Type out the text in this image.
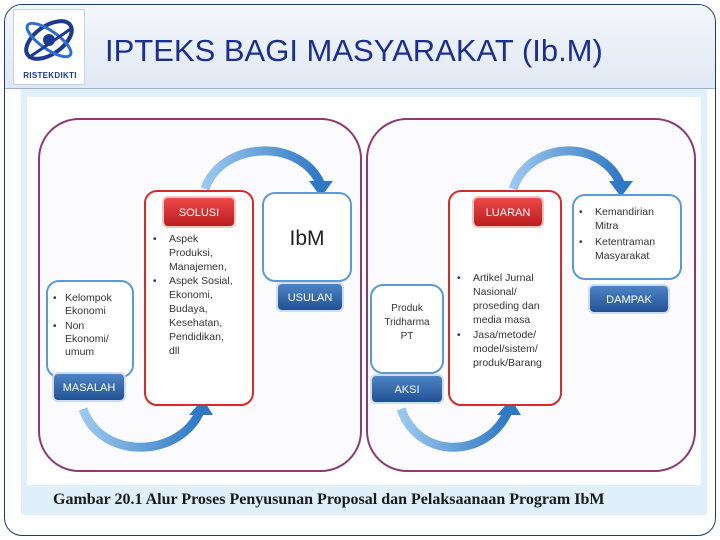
RISTEKDIKTI
IPTEKS BAGI MASYARAKAT (Ib.M)
• Kelompok
Ekonomi
• Non
Ekonomi/
umum
MASALAH
SOLUSI
• Aspek
Produksi,
Manajemen,
• Aspek Sosial,
Ekonomi,
Budaya,
Kesehatan,
Pendidikan,
dll
IbM
USULAN
Produk
Tridharma
PT
AKSI
LUARAN
• Artikel Jurnal
Nasional/
proseding dan
media masa
• Jasa/metode/
model/sistem/
produk/Barang
• Kemandirian
Mitra
• Ketentraman
Masyarakat
DAMPAK
Gambar 20.1 Alur Proses Penyusunan Proposal dan Pelaksaanaan Program IbM
